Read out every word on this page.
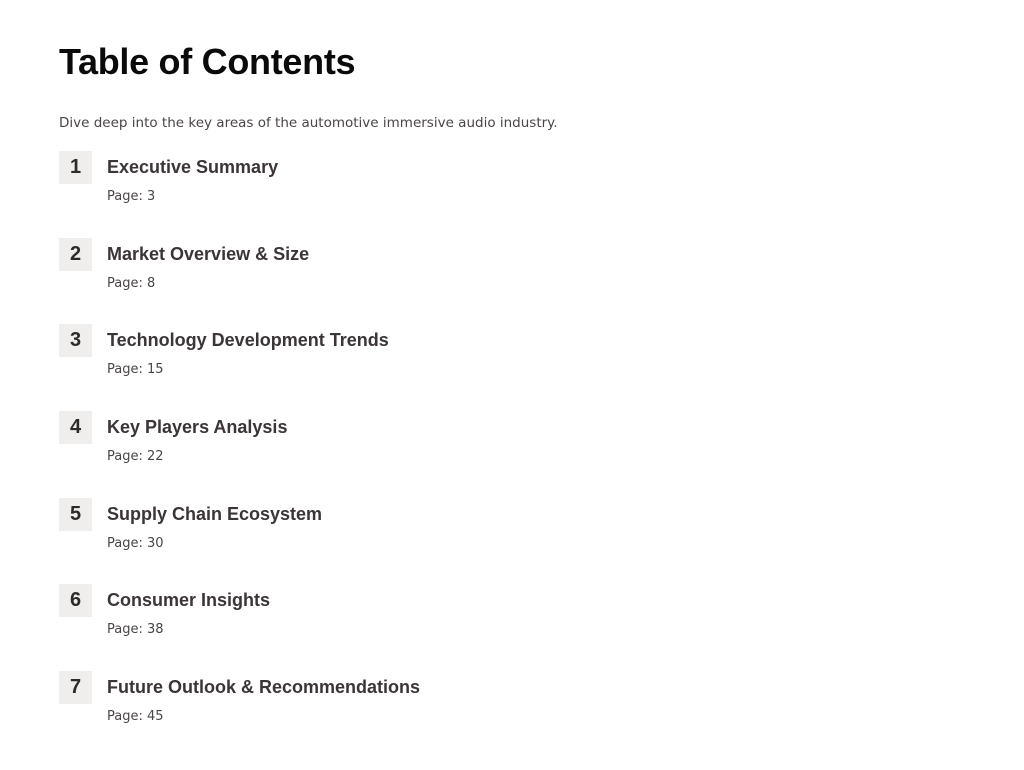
Table of Contents

Dive deep into the key areas of the automotive immersive audio industry.

1	Executive Summary
Page: 3
2	Market Overview & Size
Page: 8
3	Technology Development Trends
Page: 15
4	Key Players Analysis
Page: 22
5	Supply Chain Ecosystem
Page: 30
6	Consumer Insights
Page: 38
7	Future Outlook & Recommendations
Page: 45
